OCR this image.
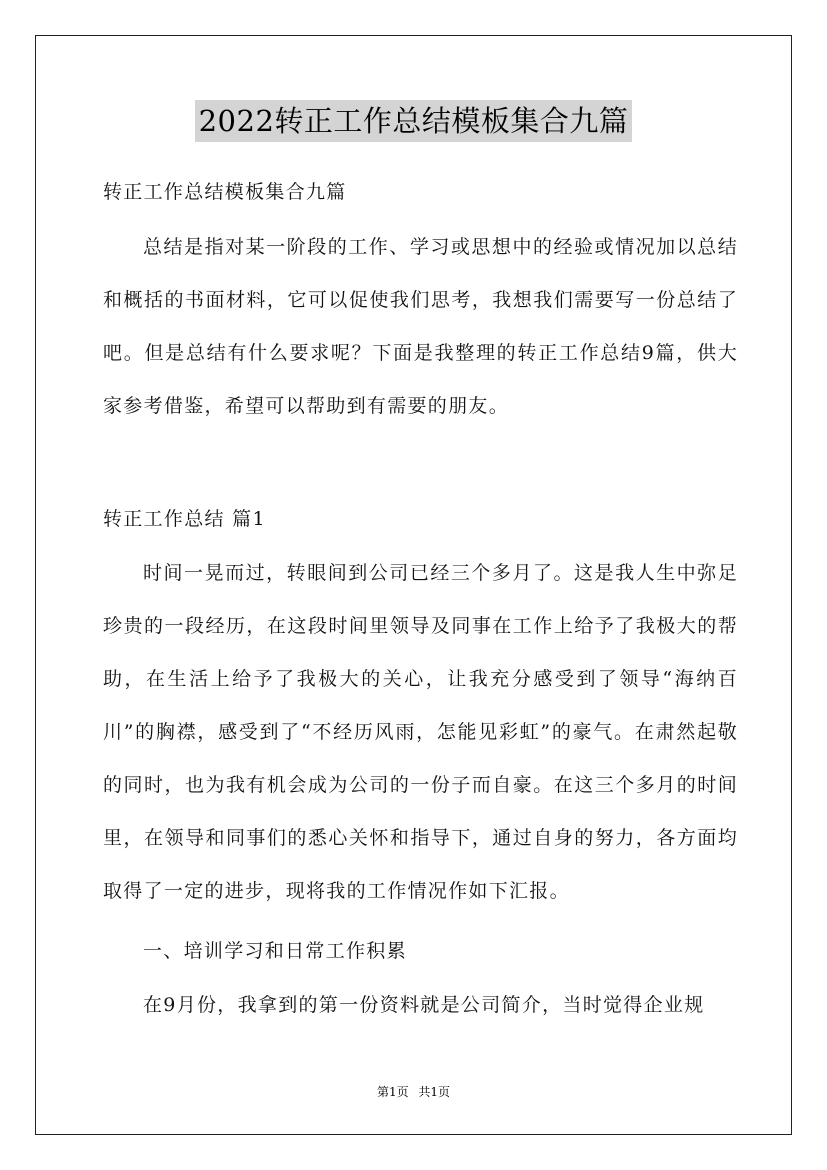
2022转正工作总结模板集合九篇

转正工作总结模板集合九篇

总结是指对某一阶段的工作、学习或思想中的经验或情况加以总结和概括的书面材料，它可以促使我们思考，我想我们需要写一份总结了吧。但是总结有什么要求呢？下面是我整理的转正工作总结9篇，供大家参考借鉴，希望可以帮助到有需要的朋友。

转正工作总结 篇1

时间一晃而过，转眼间到公司已经三个多月了。这是我人生中弥足珍贵的一段经历，在这段时间里领导及同事在工作上给予了我极大的帮助，在生活上给予了我极大的关心，让我充分感受到了领导“海纳百川”的胸襟，感受到了“不经历风雨，怎能见彩虹”的豪气。在肃然起敬的同时，也为我有机会成为公司的一份子而自豪。在这三个多月的时间里，在领导和同事们的悉心关怀和指导下，通过自身的努力，各方面均取得了一定的进步，现将我的工作情况作如下汇报。

一、培训学习和日常工作积累

在9月份，我拿到的第一份资料就是公司简介，当时觉得企业规

第1页 共1页
